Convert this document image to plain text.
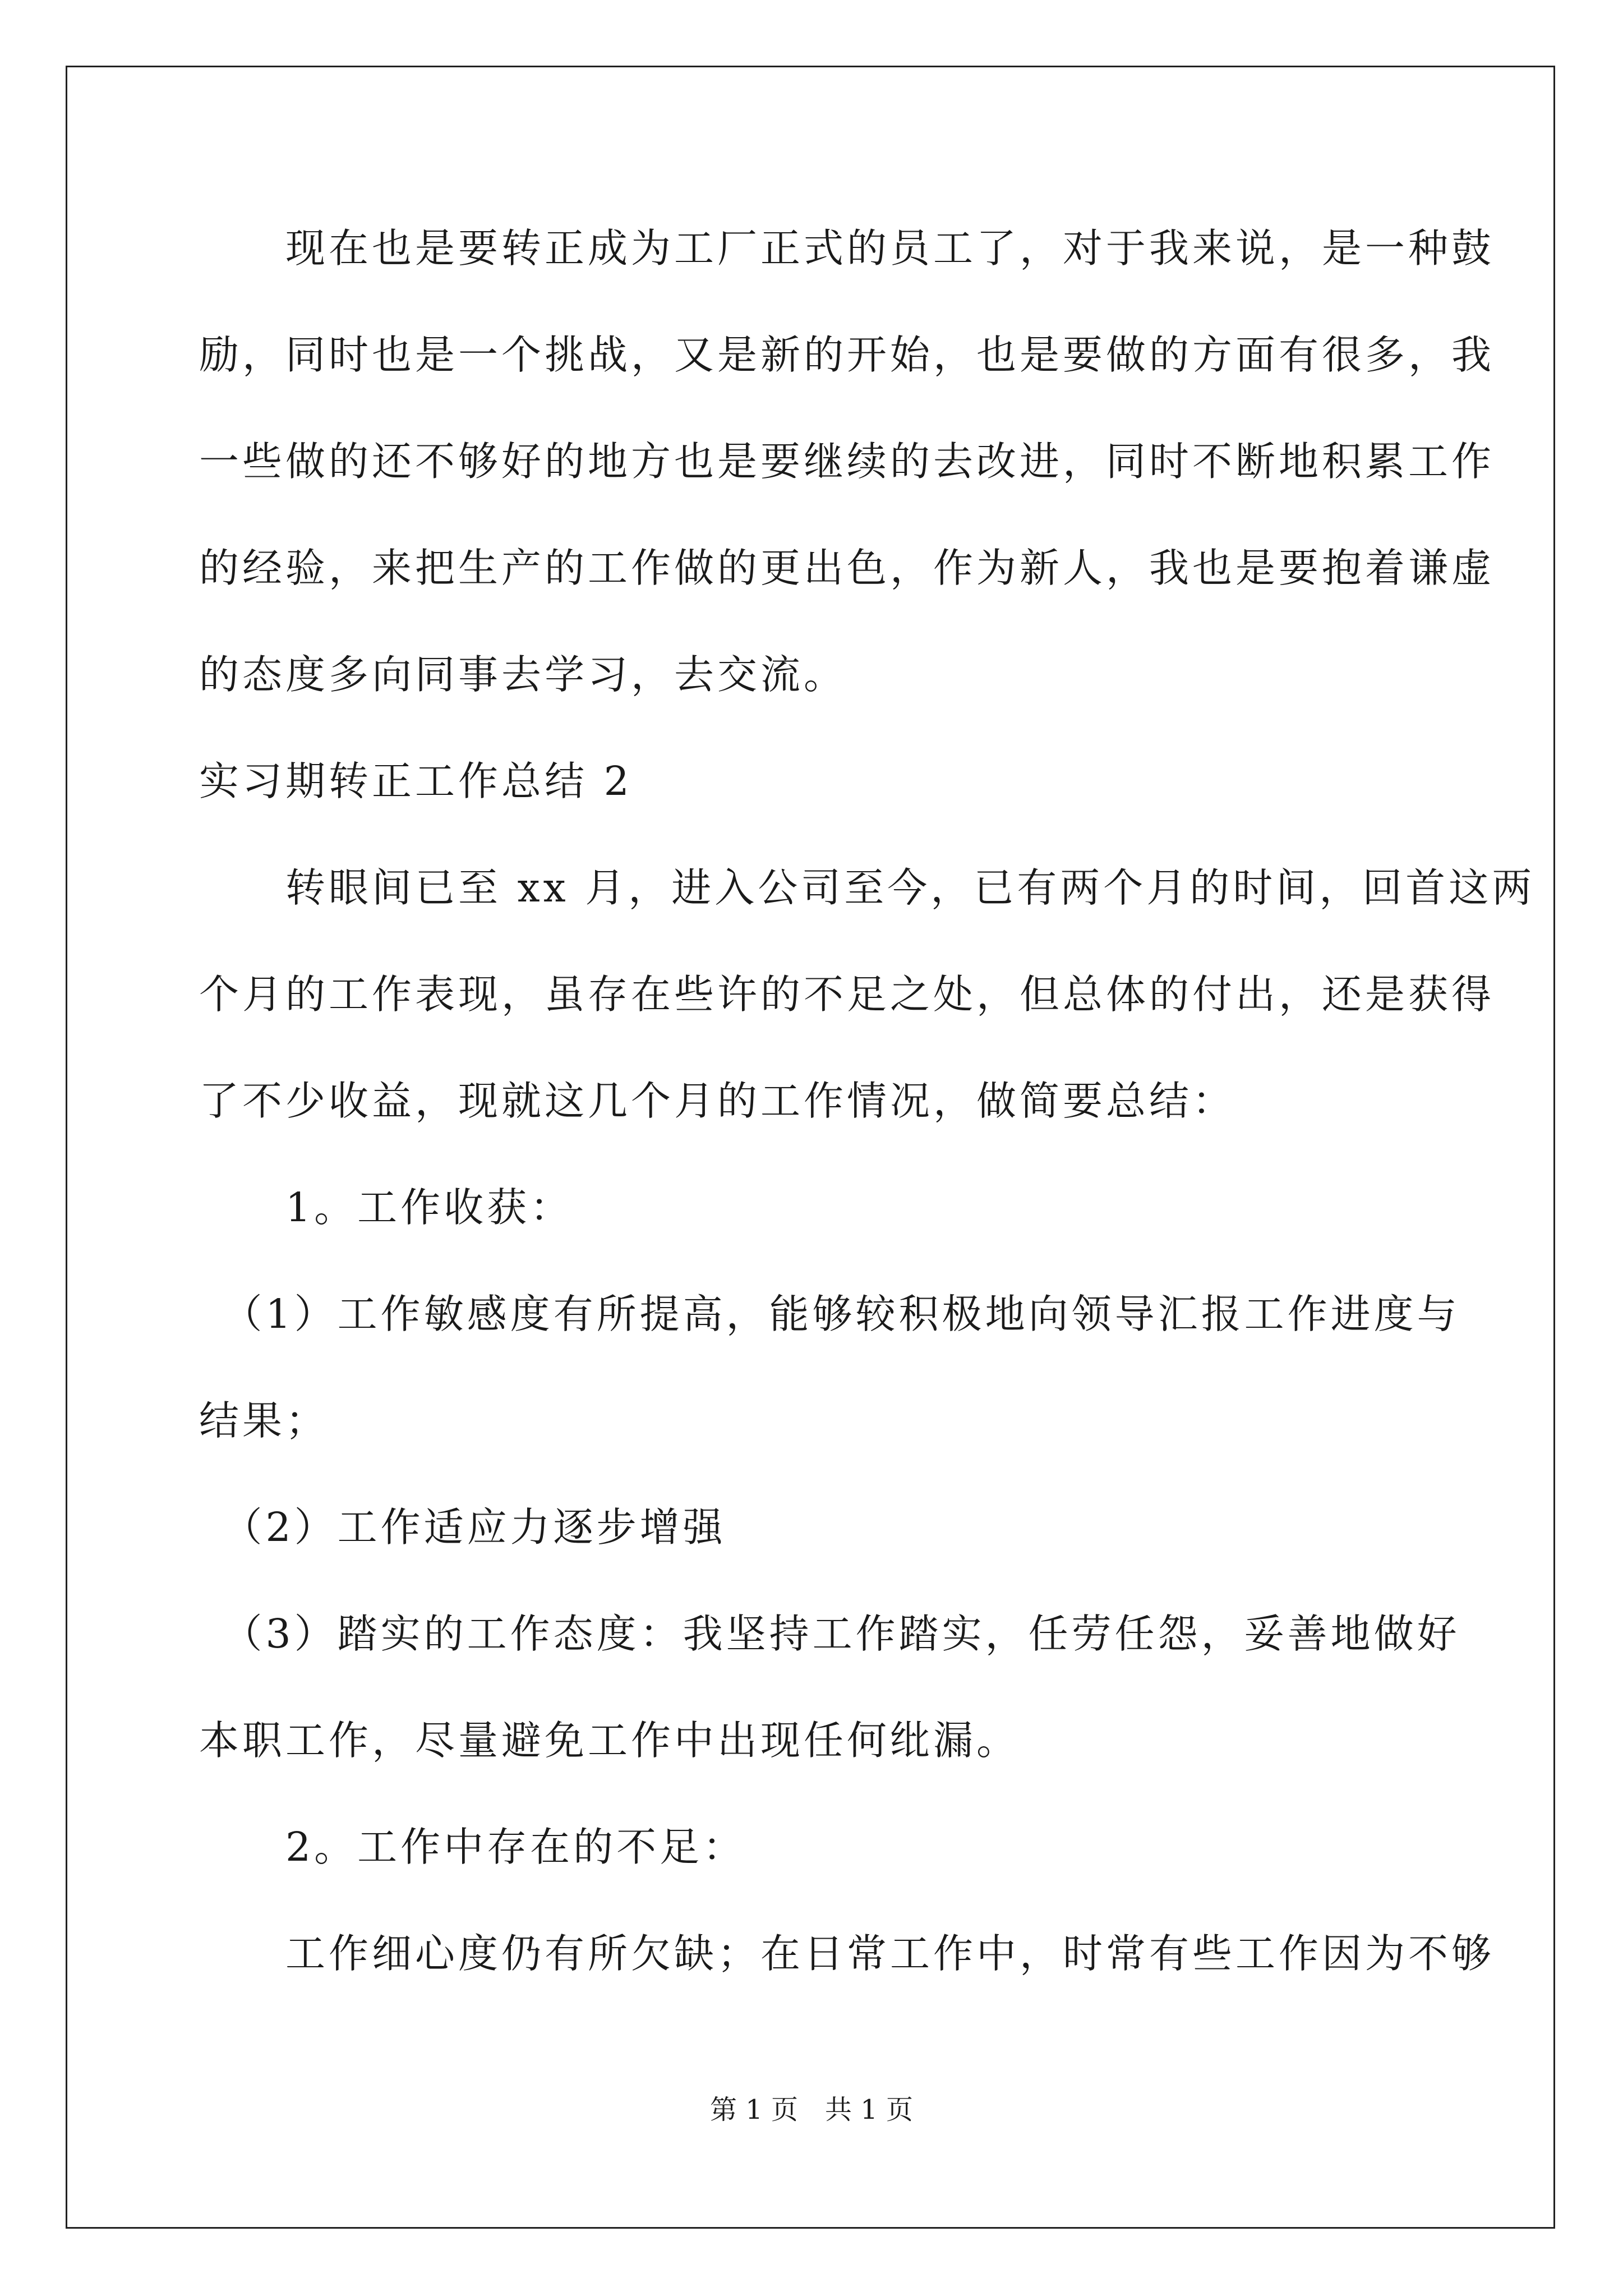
　　现在也是要转正成为工厂正式的员工了，对于我来说，是一种鼓
励，同时也是一个挑战，又是新的开始，也是要做的方面有很多，我
一些做的还不够好的地方也是要继续的去改进，同时不断地积累工作
的经验，来把生产的工作做的更出色，作为新人，我也是要抱着谦虚
的态度多向同事去学习，去交流。
实习期转正工作总结 2
　　转眼间已至 xx 月，进入公司至今，已有两个月的时间，回首这两
个月的工作表现，虽存在些许的不足之处，但总体的付出，还是获得
了不少收益，现就这几个月的工作情况，做简要总结：
　　1。工作收获：
　（1）工作敏感度有所提高，能够较积极地向领导汇报工作进度与
结果；
　（2）工作适应力逐步增强
　（3）踏实的工作态度：我坚持工作踏实，任劳任怨，妥善地做好
本职工作，尽量避免工作中出现任何纰漏。
　　2。工作中存在的不足：
　　工作细心度仍有所欠缺；在日常工作中，时常有些工作因为不够
第 1 页　共 1 页
